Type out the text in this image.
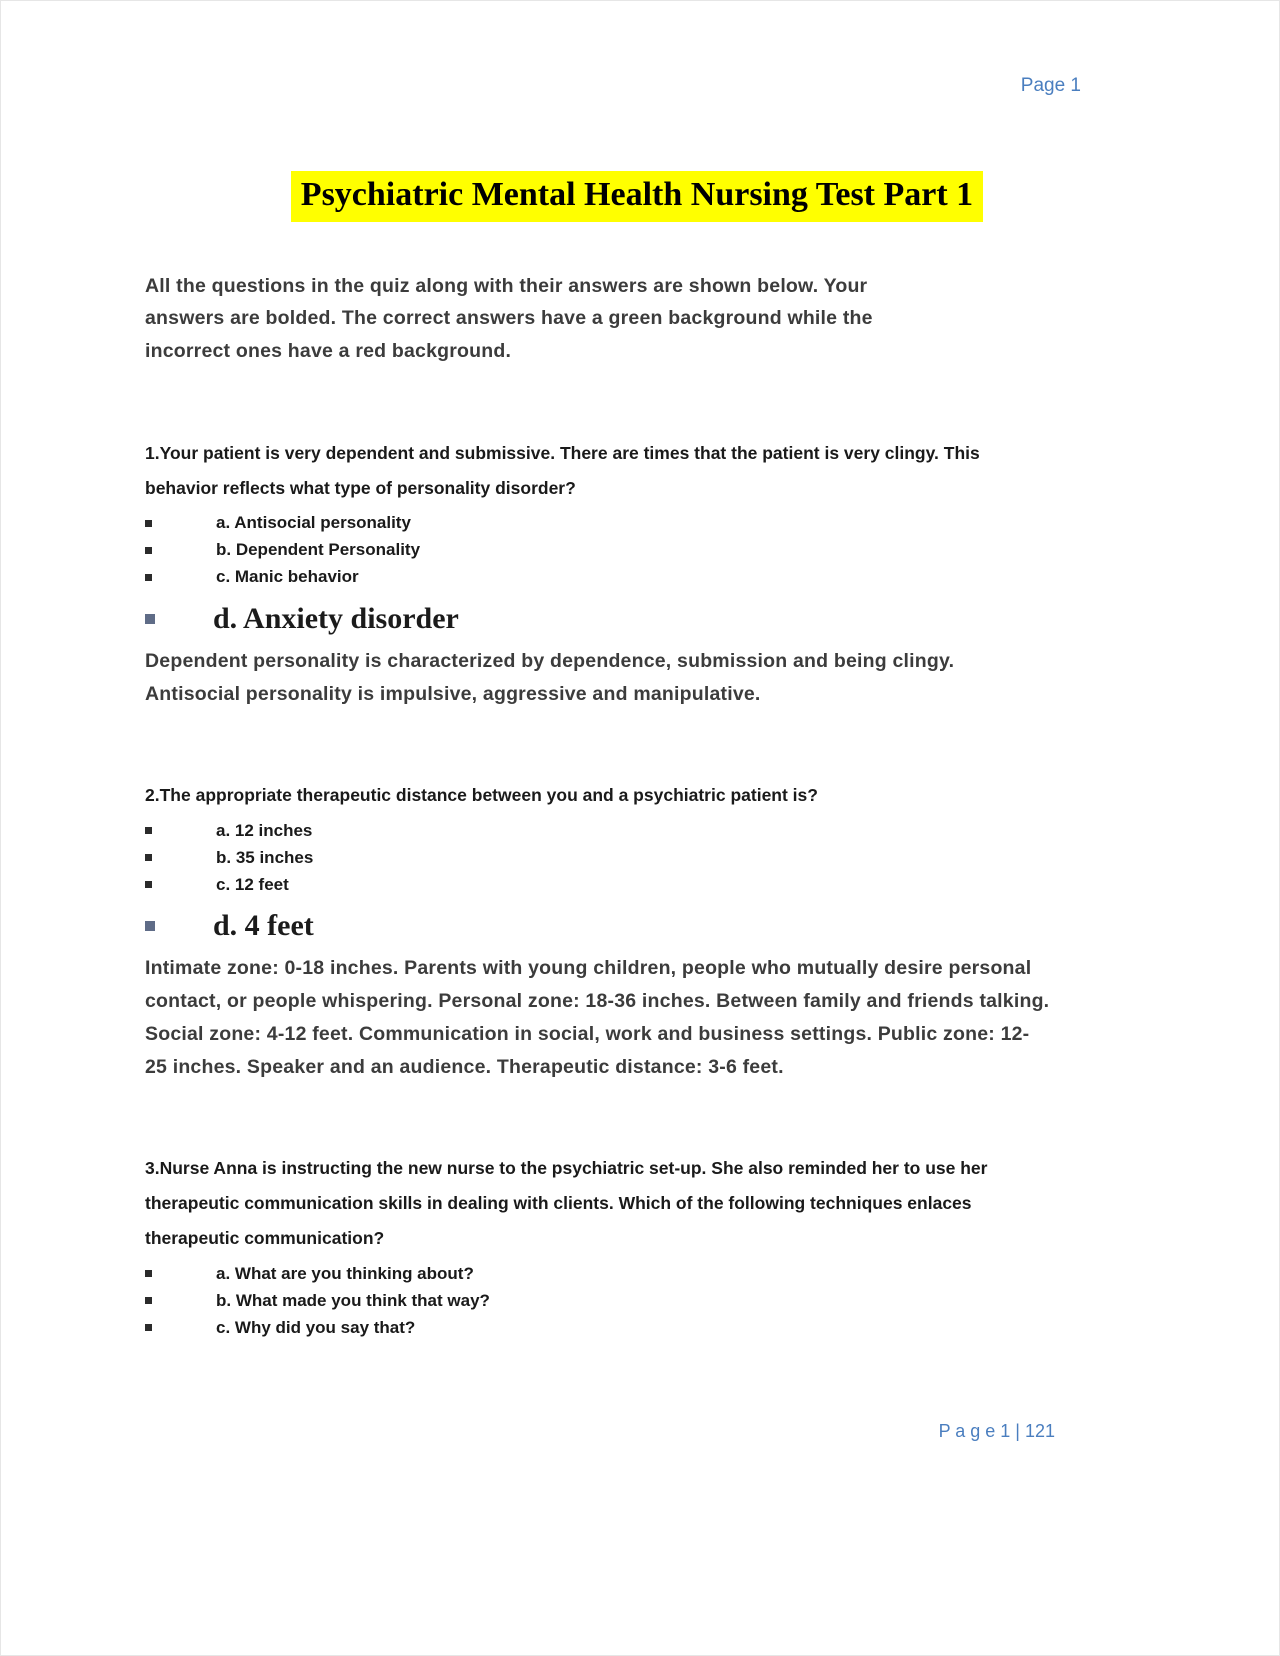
Page 1
Psychiatric Mental Health Nursing Test Part 1

All the questions in the quiz along with their answers are shown below. Your answers are bolded. The correct answers have a green background while the incorrect ones have a red background.

1.Your patient is very dependent and submissive. There are times that the patient is very clingy. This behavior reflects what type of personality disorder?

a. Antisocial personality
b. Dependent Personality
c. Manic behavior
d. Anxiety disorder

Dependent personality is characterized by dependence, submission and being clingy. Antisocial personality is impulsive, aggressive and manipulative.

2.The appropriate therapeutic distance between you and a psychiatric patient is?

a. 12 inches
b. 35 inches
c. 12 feet
d. 4 feet

Intimate zone: 0-18 inches. Parents with young children, people who mutually desire personal contact, or people whispering. Personal zone: 18-36 inches. Between family and friends talking. Social zone: 4-12 feet. Communication in social, work and business settings. Public zone: 12-25 inches. Speaker and an audience. Therapeutic distance: 3-6 feet.

3.Nurse Anna is instructing the new nurse to the psychiatric set-up. She also reminded her to use her therapeutic communication skills in dealing with clients. Which of the following techniques enlaces therapeutic communication?

a. What are you thinking about?
b. What made you think that way?
c. Why did you say that?
P a g e 1 | 121
